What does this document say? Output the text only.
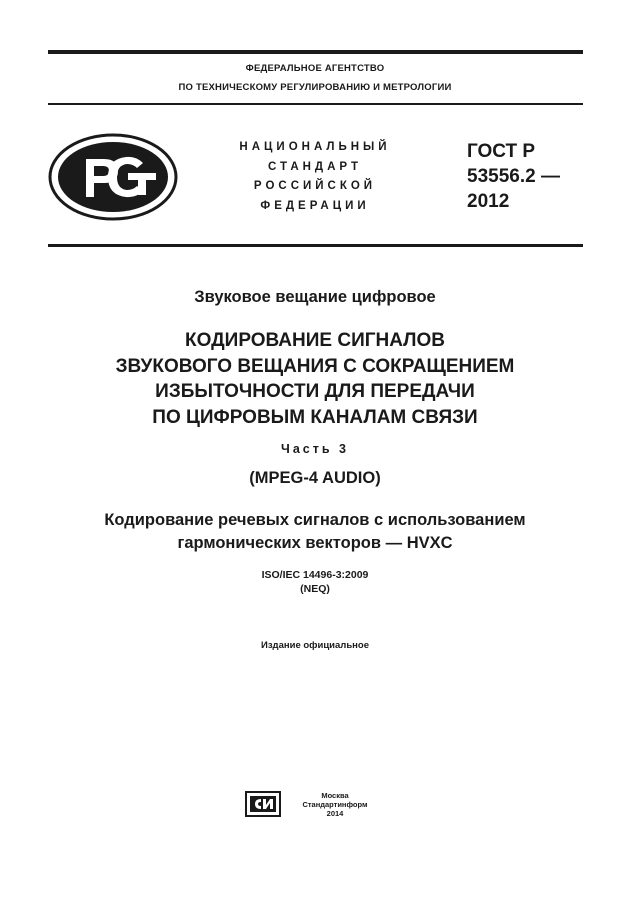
ФЕДЕРАЛЬНОЕ АГЕНТСТВО
ПО ТЕХНИЧЕСКОМУ РЕГУЛИРОВАНИЮ И МЕТРОЛОГИИ
НАЦИОНАЛЬНЫЙ
СТАНДАРТ
РОССИЙСКОЙ
ФЕДЕРАЦИИ
ГОСТ Р
53556.2 —
2012
Звуковое вещание цифровое
КОДИРОВАНИЕ СИГНАЛОВ
ЗВУКОВОГО ВЕЩАНИЯ С СОКРАЩЕНИЕМ
ИЗБЫТОЧНОСТИ ДЛЯ ПЕРЕДАЧИ
ПО ЦИФРОВЫМ КАНАЛАМ СВЯЗИ
Часть 3
(MPEG-4 AUDIO)
Кодирование речевых сигналов с использованием
гармонических векторов — HVXC
ISO/IEC 14496-3:2009
(NEQ)
Издание официальное
Москва
Стандартинформ
2014
